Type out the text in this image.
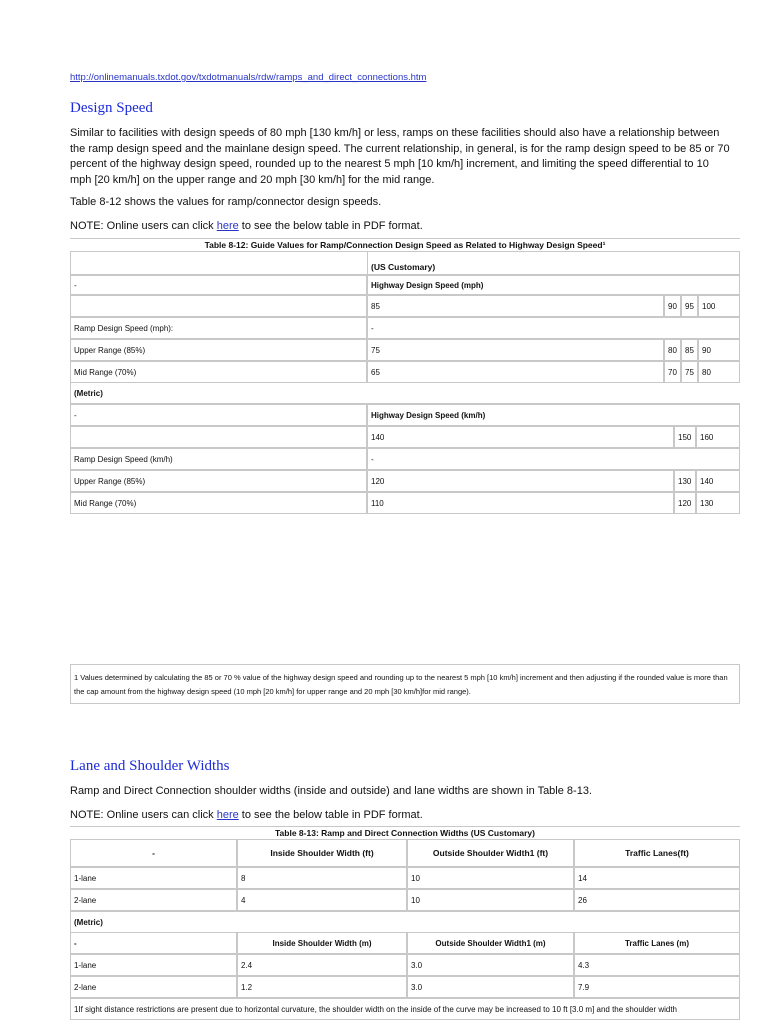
http://onlinemanuals.txdot.gov/txdotmanuals/rdw/ramps_and_direct_connections.htm
Design Speed

Similar to facilities with design speeds of 80 mph [130 km/h] or less, ramps on these facilities should also have a relationship between the ramp design speed and the mainlane design speed. The current relationship, in general, is for the ramp design speed to be 85 or 70 percent of the highway design speed, rounded up to the nearest 5 mph [10 km/h] increment, and limiting the speed differential to 10 mph [20 km/h] on the upper range and 20 mph [30 km/h] for the mid range.

Table 8-12 shows the values for ramp/connector design speeds.

NOTE: Online users can click here to see the below table in PDF format.

Table 8-12: Guide Values for Ramp/Connection Design Speed as Related to Highway Design Speed¹				
	(US Customary)			
-	Highway Design Speed (mph)			
	85	90	95	100
Ramp Design Speed (mph):	-			
Upper Range (85%)	75	80	85	90
Mid Range (70%)	65	70	75	80
(Metric)			
-	Highway Design Speed (km/h)		
	140	150	160
Ramp Design Speed (km/h)	-		
Upper Range (85%)	120	130	140
Mid Range (70%)	110	120	130
1 Values determined by calculating the 85 or 70 % value of the highway design speed and rounding up to the nearest 5 mph [10 km/h] increment and then adjusting if the rounded value is more than the cap amount from the highway design speed (10 mph [20 km/h] for upper range and 20 mph [30 km/h]for mid range).
Lane and Shoulder Widths

Ramp and Direct Connection shoulder widths (inside and outside) and lane widths are shown in Table 8-13.

NOTE: Online users can click here to see the below table in PDF format.

Table 8-13: Ramp and Direct Connection Widths (US Customary)			
-	Inside Shoulder Width (ft)	Outside Shoulder Width1 (ft)	Traffic Lanes(ft)
1-lane	8	10	14
2-lane	4	10	26
(Metric)			
-	Inside Shoulder Width (m)	Outside Shoulder Width1 (m)	Traffic Lanes (m)
1-lane	2.4	3.0	4.3
2-lane	1.2	3.0	7.9
1If sight distance restrictions are present due to horizontal curvature, the shoulder width on the inside of the curve may be increased to 10 ft [3.0 m] and the shoulder width			
